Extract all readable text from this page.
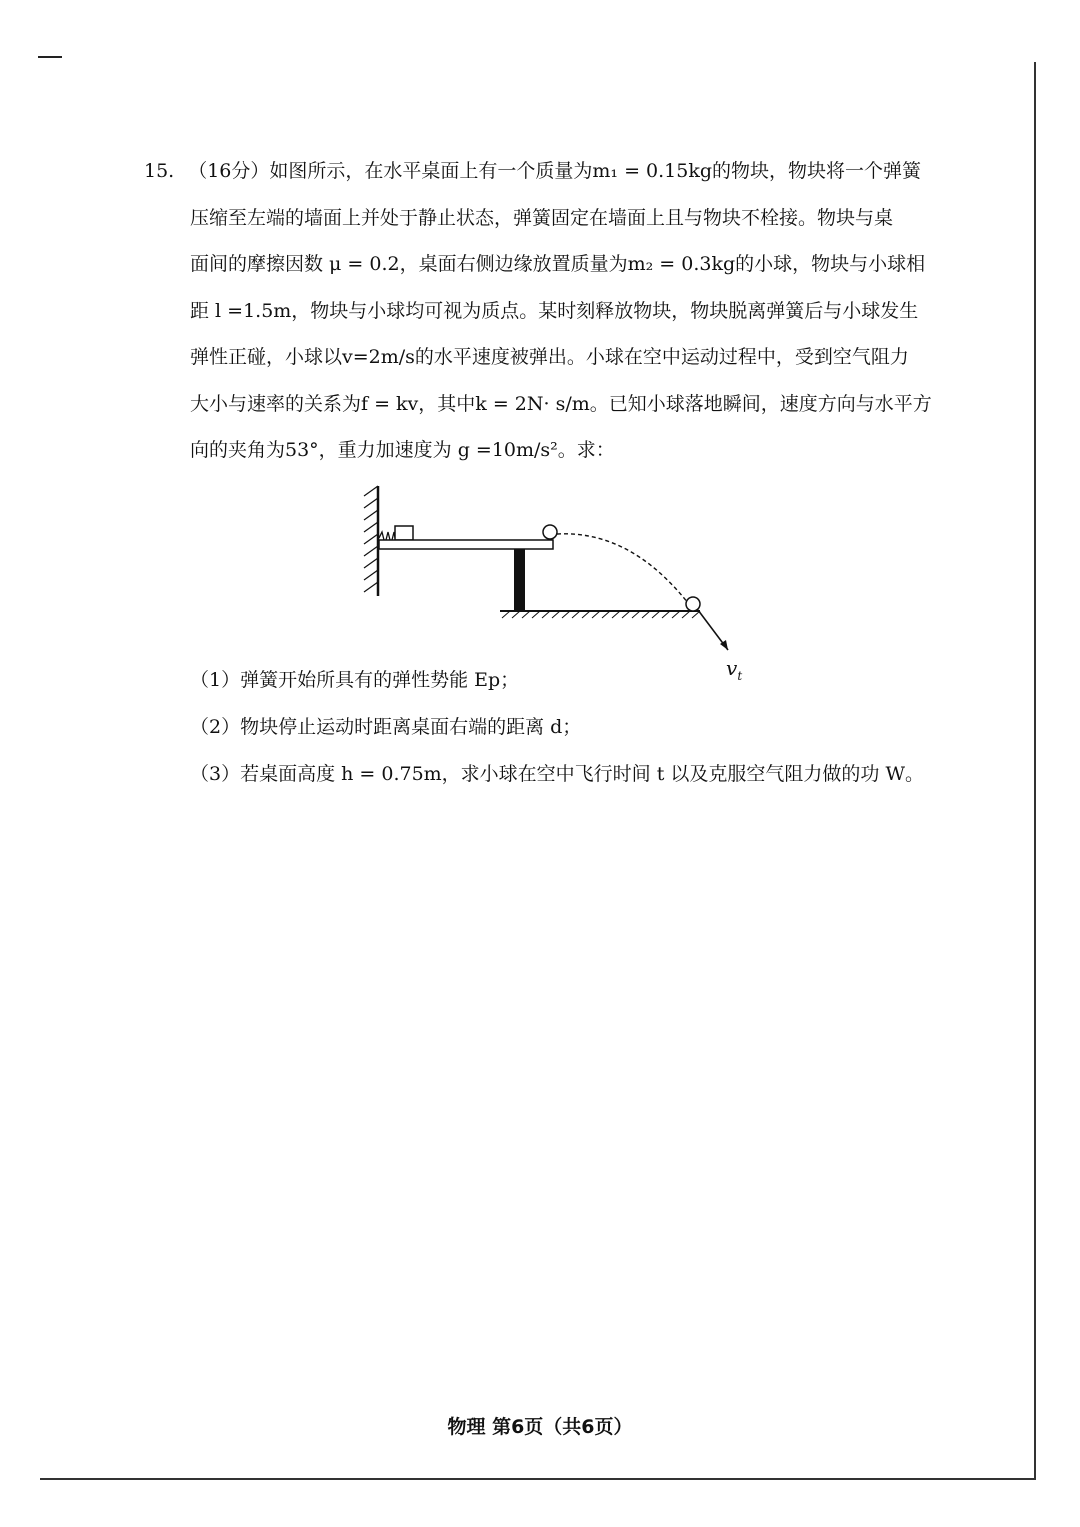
15. （16分）如图所示，在水平桌面上有一个质量为m₁ = 0.15kg的物块，物块将一个弹簧
压缩至左端的墙面上并处于静止状态，弹簧固定在墙面上且与物块不栓接。物块与桌
面间的摩擦因数 μ = 0.2，桌面右侧边缘放置质量为m₂ = 0.3kg的小球，物块与小球相
距 l =1.5m，物块与小球均可视为质点。某时刻释放物块，物块脱离弹簧后与小球发生
弹性正碰，小球以v=2m/s的水平速度被弹出。小球在空中运动过程中，受到空气阻力
大小与速率的关系为f = kv，其中k = 2N· s/m。已知小球落地瞬间，速度方向与水平方
向的夹角为53°，重力加速度为 g =10m/s²。求：
$v_t$
（1）弹簧开始所具有的弹性势能 Ep；
（2）物块停止运动时距离桌面右端的距离 d；
（3）若桌面高度 h = 0.75m，求小球在空中飞行时间 t 以及克服空气阻力做的功 W。
物理 第6页（共6页）
